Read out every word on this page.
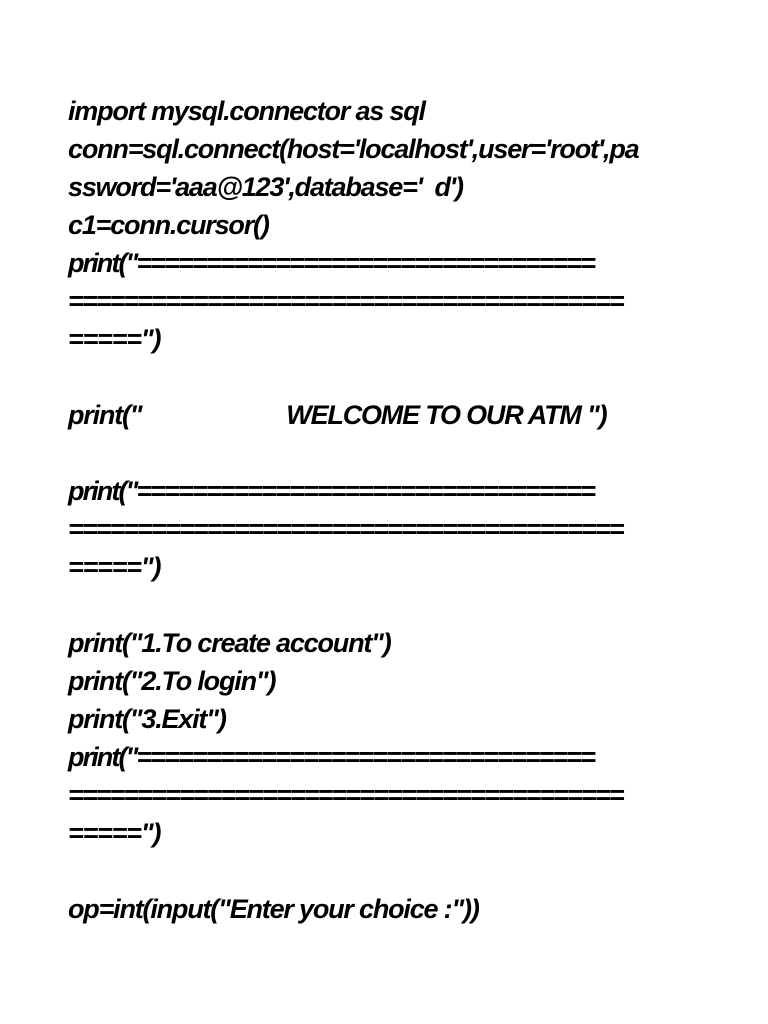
import mysql.connector as sql
conn=sql.connect(host='localhost',user='root',pa
ssword='aaa@123',database='  d')
c1=conn.cursor()
print("=================================
========================================
=====")
print("                       WELCOME TO OUR ATM ")
print("=================================
========================================
=====")
print("1.To create account")
print("2.To login")
print("3.Exit")
print("=================================
========================================
=====")
op=int(input("Enter your choice :"))
